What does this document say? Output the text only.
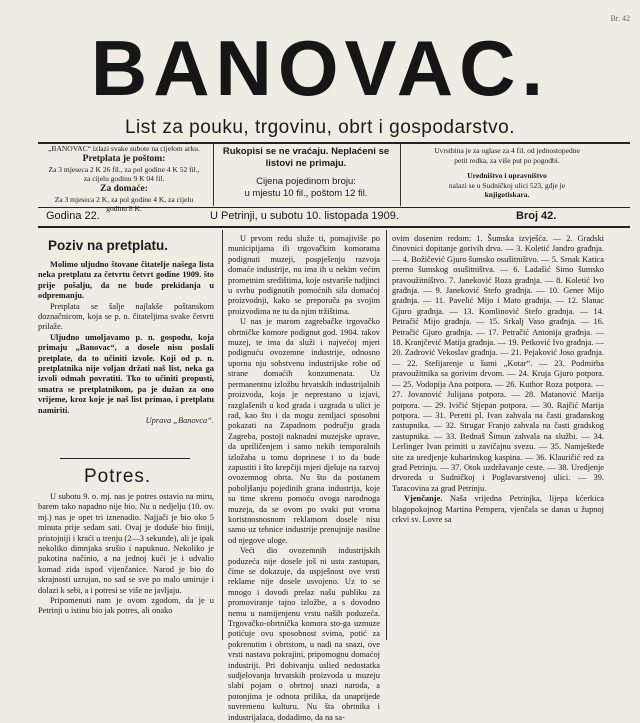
Br. 42
BANOVAC.
List za pouku, trgovinu, obrt i gospodarstvo.
„BANOVAC“ izlazi svake subote na cijelom arku.
Pretplata je poštom:
Za 3 mjeseca 2 K 26 fil., za pol godine 4 K 52 fil.,
za cijelu godinu 9 K 04 fil.
Za domaće:
Za 3 mjeseca 2 K, za pol godine 4 K, za cijelu
godinu 8 K.
Rukopisi se ne vraćaju. Neplaćeni se listovi ne primaju.
Cijena pojedinom broju:
u mjestu 10 fil., poštom 12 fil.
Uvrstbina je za oglase za 4 fil. od jednostopedne
petit redka, za više put po pogodbi.
Uredništvo i upravništvo
nalazi se u Sudničkoj ulici 523, gdje je
knjigotiskara.
Godina 22.	U Petrinji, u subotu 10. listopada 1909.	Broj 42.
Poziv na pretplatu.

Molimo uljudno štovane čitatelje našega lista neka pretplatu za četvrtu četvrt godine 1909. što prije pošalju, da ne bude prekidanja u odpremanju.

Pretplata se šalje najlakše poštanskom doznačnicom, koja se p. n. čitateljima svake četvrti prilaže.

Uljudno umoljavamo p. n. gospodu, koja primaju „Banovac“, a dosele nisu poslali pretplate, da to učiniti izvole. Koji od p. n. pretplatnika nije voljan držati naš list, neka ga izvoli odmah povratiti. Tko to učiniti propusti, smatra se pretplatnikom, pa je dužan za ono vrijeme, kroz koje je naš list primao, i pretplatu namiriti.

Uprava „Banovca“.

Potres.

U subotu 9. o. mj. nas je potres ostavio na miru, barem tako napadno nije bio. Nu u nedjelju (10. ov. mj.) nas je opet tri iznenadio. Najjači je bio oko 5 minuta prije sedam sati. Ovaj je doduše bio finiji, pristojniji i kraći u trenju (2—3 sekunde), ali je ipak nekoliko dimnjaka srušio i napuknuo. Nekoliko je pukotina načinio, a na jednoj kući je i udvalio komad zida ispod vijenčanice. Narod je bio do skrajnosti uzrujan, no sad se sve po malo umiruje i dolazi k sebi, a i potresi se više ne javljaju.

Pripomenuti nam je ovom zgodom, da je u Petrinji u istinu bio jak potres, ali onako

U prvom redu služe ti, pomajiviše po municipijama ili trgovačkim komorama podignuti muzeji, pospješenju razvoja domaće industrije, nu ima ih u nekim većim prometnim središtima, koje ostvariše tudjinci u svrhu podignutih pomoćnih sila domaćoj proizvodnji, kako se preporuča pa svojim proizvodima ne tu da njim tržištima.

U nas je marom zagrebačke trgovačko obrtničke komore podignut god. 1904. takov muzej, te ima da služi i najvećoj mjeri podignuću ovozemne industrije, odnosno uporna nju sobstvenu industrijske robe od strane domaćih konzumenata. Uz permanentnu izložbu hrvatskih industrijalnih proizvoda, koja je neprestano u izjavi, razglašenih u kod grada i uzgrada u ulici je rad, kao što i da mogu zemljaci sposobni pokazati na Zapadnom području grada Zagreba, postoji naknadni muzejske uprave, da upriličenjem i samo nekih temporalnih izložaba u tomu doprinese i to da bude zapustiti i što krepčiji mjeri djeluje na razvoj ovozemnog obrta. Nu što da postanem poboljšanju pojedinih grana industrija, koje su time skrenu pomoću ovoga narodnoga muzeja, da se ovom po svaki put vroma koristnosnosnom reklamom dosele nisu samo uz tehnice industrije prenujnije nasilne od njegove uloge.

Veći dio ovozemnih industrijskih poduzeća nije dosele još ni usta zastupan, čime se dokazuje, da uspješnost ove vrsti reklame nije dosele usvojeno. Uz to se mnogo i dovodi prelaz našu publiku za promoviranje tajno izložbe, a s dovodno nemu u namijenjenu vrstu naših poduzeća. Trgovačko-obrtnička komora sto-ga uzmuze potićuje ovu sposobnost svima, potić za pokrenutim i obrtstom, u nadi na snazi, ove vrsti nastava pokrajini, pripomognu domaćoj industriji. Pri dobivanju uslied nedostatka sudjelovanja hrvatskih proizvoda u muzeju slabi pojam o obrtnoj snazi naroda, a potonjima je odnota prilika, da unaprijede suvremenu kulturu. Nu šta obrtnika i industrijalaca, dodadimo, da na sa-

ovim dosenim redom: 1. Šumska izvješća. — 2. Gradski činovnici dopitanje gorivih drva. — 3. Koletić Jandro građnja. — 4. Božičević Gjuro šumsko osušitništvo. — 5. Srnak Katica premo šumskog osušitništva. — 6. Ladašić Simo šumsko pravoužitništvo. 7. Janeković Roza građnja. — 8. Koletić Ivo građnja. — 9. Janeković Stefo građnja. — 10. Gener Mijo građnja. — 11. Pavelić Mijo i Mato građnja. — 12. Slanac Gjuro građnja. — 13. Komlinović Stefo građnja. — 14. Petračić Mijo građnja. — 15. Srkalj Vaso građnja. — 16. Petračić Gjuro građnja. — 17. Petračić Antonija građnja. — 18. Kranjčević Matija građnja. — 19. Petković Ivo građnja. — 20. Zadrović Vekoslav građnja. — 21. Pejaković Joso građnja. — 22. Stefijarenje u šumi „Kotar“. — 23. Podmirba pravoužitnika sa gorivim drvom. — 24. Kruja Gjuro potpora. — 25. Vodopija Ana potpora. — 26. Kuthor Roza potpora. — 27. Jovanović Julijana potpora. — 28. Matanović Marija potpora. — 29. Ivičić Stjepan potpora. — 30. Rajčić Marija potpora. — 31. Peretti pl. Ivan zahvala na časti građanskog zastupnika. — 32. Strugar Franjo zahvala na časti gradskog zastupnika. — 33. Bednaš Šimun zahvala na službi. — 34. Lerlinger Ivan primiti u zavičajnu svezu. — 35. Namješteđe site za uredjenje kuharinskog kaspina. — 36. Klauričić red za grad Petrinju. — 37. Otok uzdržavanje ceste. — 38. Uredjenje drvoreda u Sudničkoj i Poglavarstvenoj ulici. — 39. Taracovina za grad Petrinju.

Vjenčanje. Naša vrijedna Petrinjka, lijepa kćerkica blagopokojnog Martina Pempera, vjenčala se danas u župnoj crkvi sv. Lovre sa
